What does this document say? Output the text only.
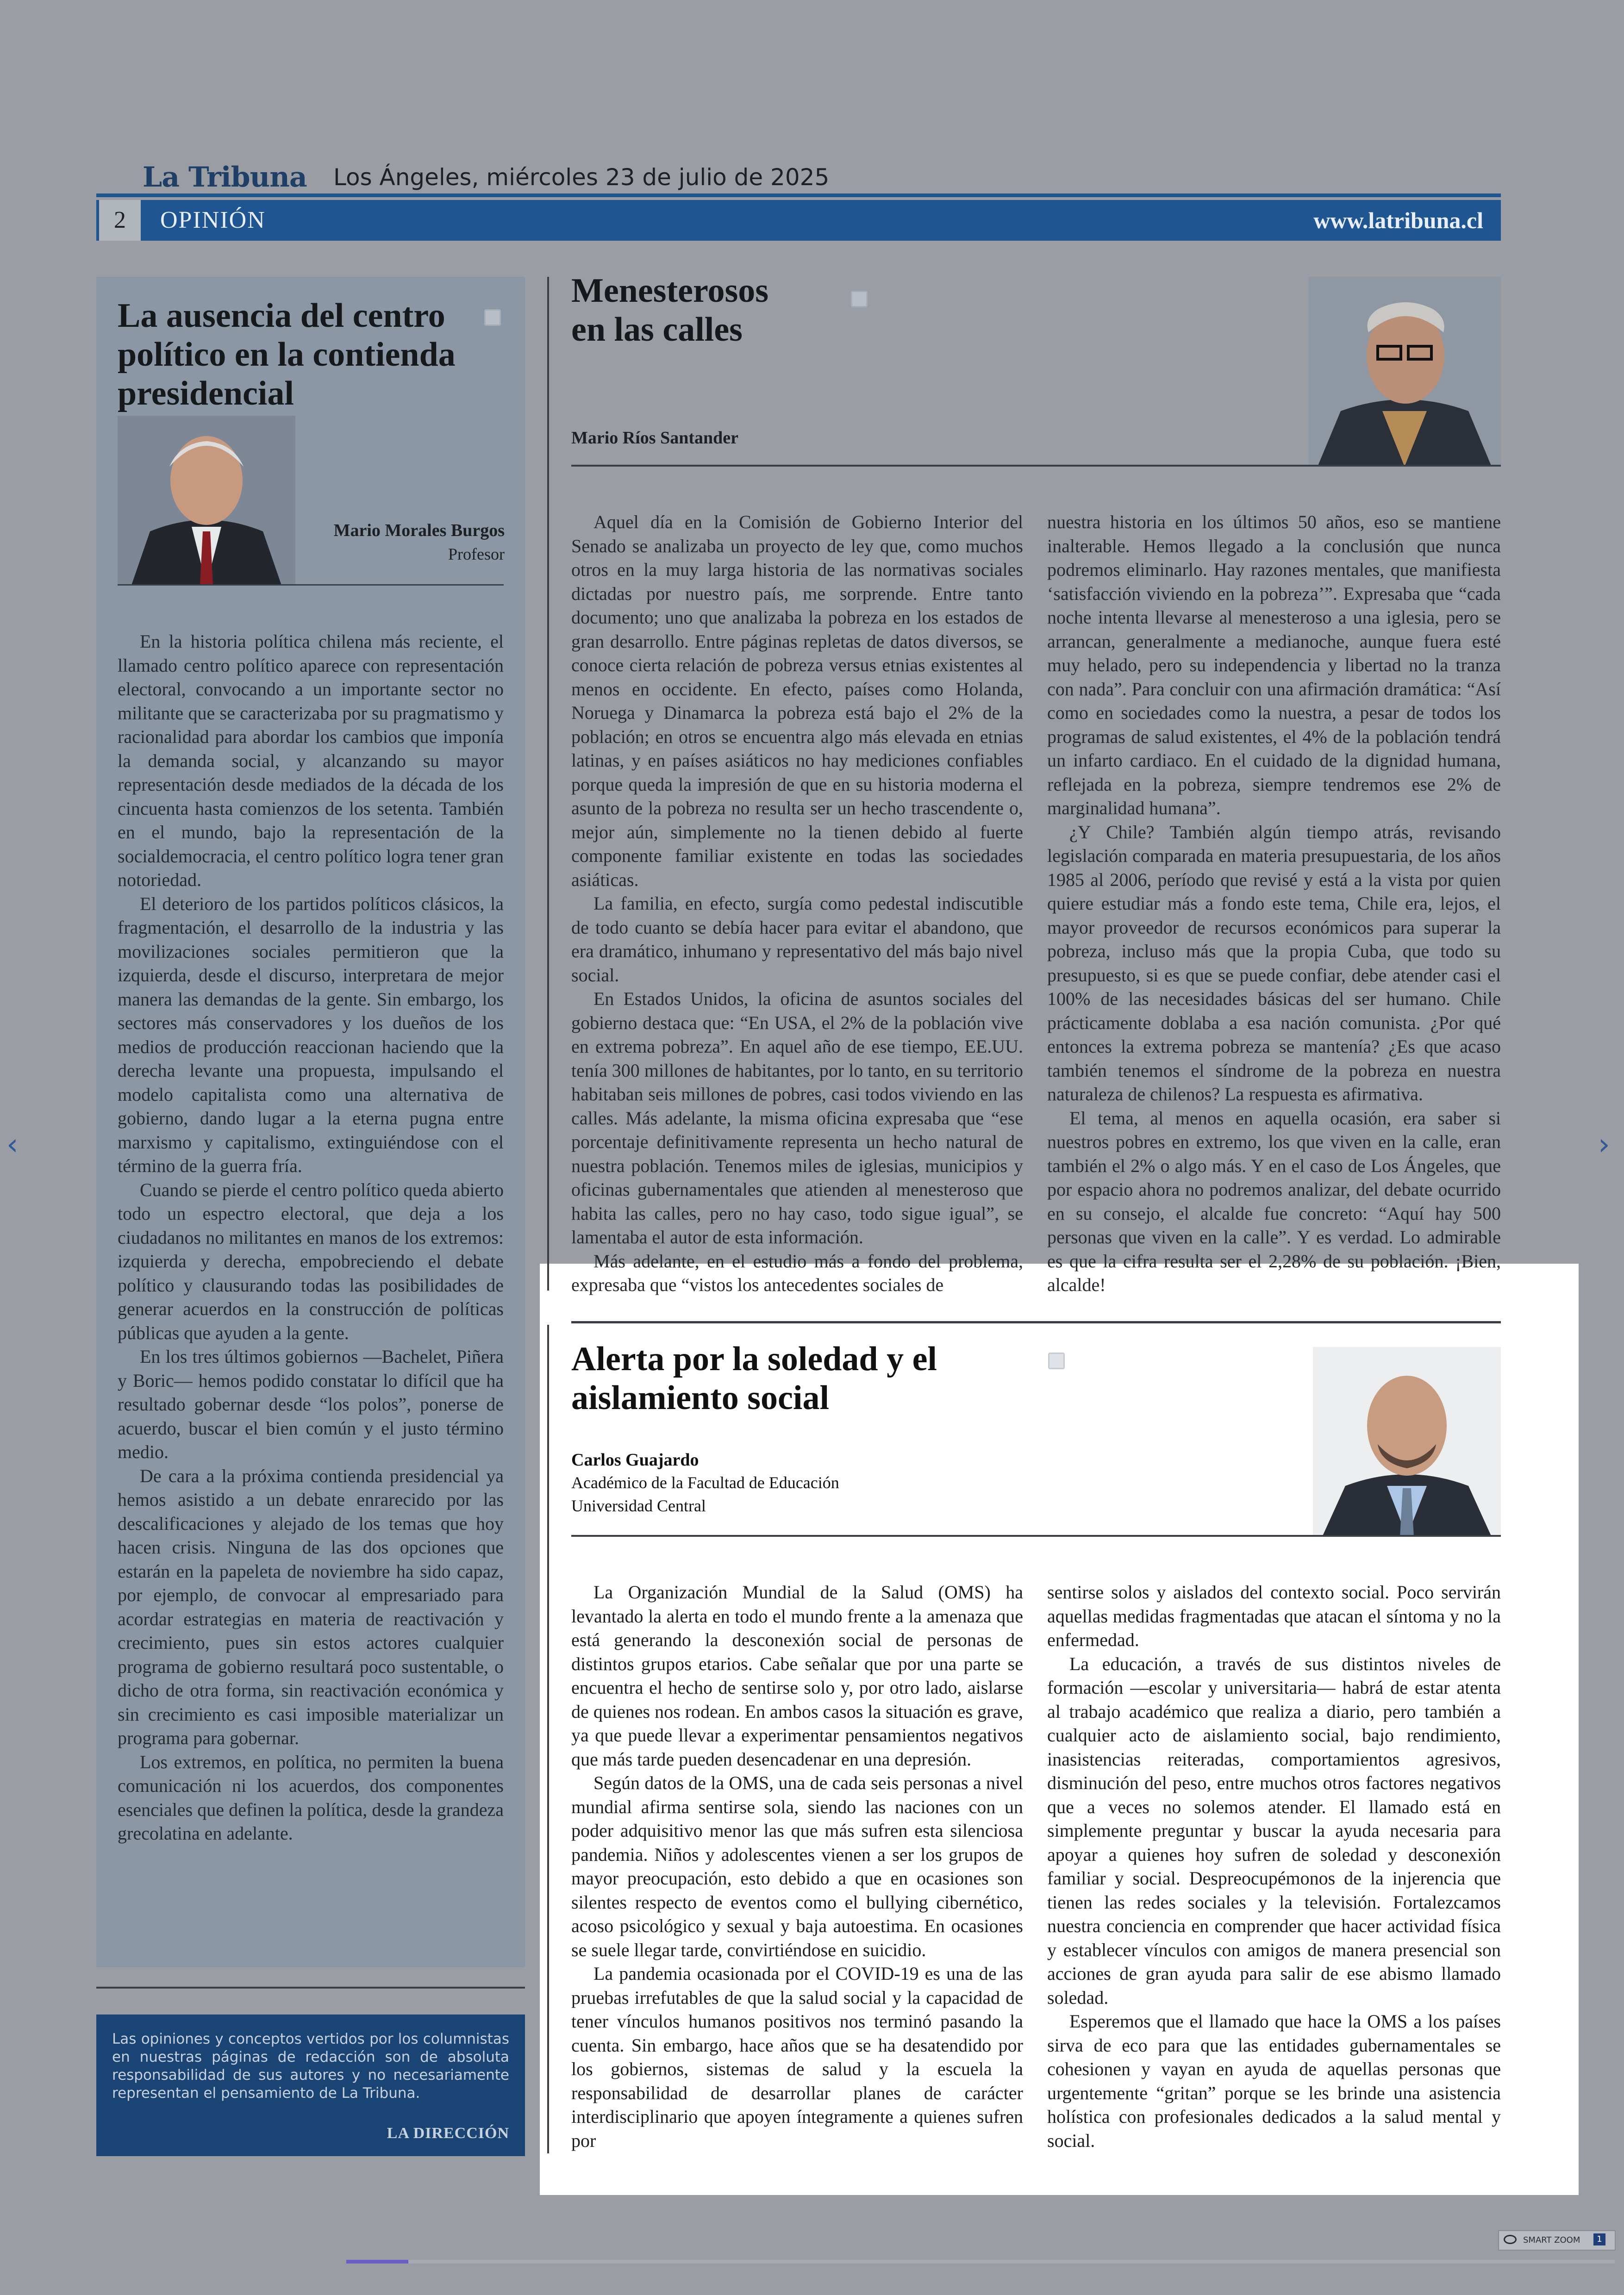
La Tribuna Los Ángeles, miércoles 23 de julio de 2025
2	OPINIÓN	www.latribuna.cl
La ausencia del centro político en la contienda presidencial
Mario Morales Burgos
Profesor

En la historia política chilena más reciente, el llamado centro político aparece con representación electoral, convocando a un importante sector no militante que se caracterizaba por su pragmatismo y racionalidad para abordar los cambios que imponía la demanda social, y alcanzando su mayor representación desde mediados de la década de los cincuenta hasta comienzos de los setenta. También en el mundo, bajo la representación de la socialdemocracia, el centro político logra tener gran notoriedad.

El deterioro de los partidos políticos clásicos, la fragmentación, el desarrollo de la industria y las movilizaciones sociales permitieron que la izquierda, desde el discurso, interpretara de mejor manera las demandas de la gente. Sin embargo, los sectores más conservadores y los dueños de los medios de producción reaccionan haciendo que la derecha levante una propuesta, impulsando el modelo capitalista como una alternativa de gobierno, dando lugar a la eterna pugna entre marxismo y capitalismo, extinguiéndose con el término de la guerra fría.

Cuando se pierde el centro político queda abierto todo un espectro electoral, que deja a los ciudadanos no militantes en manos de los extremos: izquierda y derecha, empobreciendo el debate político y clausurando todas las posibilidades de generar acuerdos en la construcción de políticas públicas que ayuden a la gente.

En los tres últimos gobiernos —Bachelet, Piñera y Boric— hemos podido constatar lo difícil que ha resultado gobernar desde “los polos”, ponerse de acuerdo, buscar el bien común y el justo término medio.

De cara a la próxima contienda presidencial ya hemos asistido a un debate enrarecido por las descalificaciones y alejado de los temas que hoy hacen crisis. Ninguna de las dos opciones que estarán en la papeleta de noviembre ha sido capaz, por ejemplo, de convocar al empresariado para acordar estrategias en materia de reactivación y crecimiento, pues sin estos actores cualquier programa de gobierno resultará poco sustentable, o dicho de otra forma, sin reactivación económica y sin crecimiento es casi imposible materializar un programa para gobernar.

Los extremos, en política, no permiten la buena comunicación ni los acuerdos, dos componentes esenciales que definen la política, desde la grandeza grecolatina en adelante.

Las opiniones y conceptos vertidos por los columnistas en nuestras páginas de redacción son de absoluta responsabilidad de sus autores y no necesariamente representan el pensamiento de La Tribuna.
LA DIRECCIÓN
Menesterosos
en las calles
Mario Ríos Santander

Aquel día en la Comisión de Gobierno Interior del Senado se analizaba un proyecto de ley que, como muchos otros en la muy larga historia de las normativas sociales dictadas por nuestro país, me sorprende. Entre tanto documento; uno que analizaba la pobreza en los estados de gran desarrollo. Entre páginas repletas de datos diversos, se conoce cierta relación de pobreza versus etnias existentes al menos en occidente. En efecto, países como Holanda, Noruega y Dinamarca la pobreza está bajo el 2% de la población; en otros se encuentra algo más elevada en etnias latinas, y en países asiáticos no hay mediciones confiables porque queda la impresión de que en su historia moderna el asunto de la pobreza no resulta ser un hecho trascendente o, mejor aún, simplemente no la tienen debido al fuerte componente familiar existente en todas las sociedades asiáticas.

La familia, en efecto, surgía como pedestal indiscutible de todo cuanto se debía hacer para evitar el abandono, que era dramático, inhumano y representativo del más bajo nivel social.

En Estados Unidos, la oficina de asuntos sociales del gobierno destaca que: “En USA, el 2% de la población vive en extrema pobreza”. En aquel año de ese tiempo, EE.UU. tenía 300 millones de habitantes, por lo tanto, en su territorio habitaban seis millones de pobres, casi todos viviendo en las calles. Más adelante, la misma oficina expresaba que “ese porcentaje definitivamente representa un hecho natural de nuestra población. Tenemos miles de iglesias, municipios y oficinas gubernamentales que atienden al menesteroso que habita las calles, pero no hay caso, todo sigue igual”, se lamentaba el autor de esta información.

Más adelante, en el estudio más a fondo del problema, expresaba que “vistos los antecedentes sociales de

nuestra historia en los últimos 50 años, eso se mantiene inalterable. Hemos llegado a la conclusión que nunca podremos eliminarlo. Hay razones mentales, que manifiesta ‘satisfacción viviendo en la pobreza’”. Expresaba que “cada noche intenta llevarse al menesteroso a una iglesia, pero se arrancan, generalmente a medianoche, aunque fuera esté muy helado, pero su independencia y libertad no la tranza con nada”. Para concluir con una afirmación dramática: “Así como en sociedades como la nuestra, a pesar de todos los programas de salud existentes, el 4% de la población tendrá un infarto cardiaco. En el cuidado de la dignidad humana, reflejada en la pobreza, siempre tendremos ese 2% de marginalidad humana”.

¿Y Chile? También algún tiempo atrás, revisando legislación comparada en materia presupuestaria, de los años 1985 al 2006, período que revisé y está a la vista por quien quiere estudiar más a fondo este tema, Chile era, lejos, el mayor proveedor de recursos económicos para superar la pobreza, incluso más que la propia Cuba, que todo su presupuesto, si es que se puede confiar, debe atender casi el 100% de las necesidades básicas del ser humano. Chile prácticamente doblaba a esa nación comunista. ¿Por qué entonces la extrema pobreza se mantenía? ¿Es que acaso también tenemos el síndrome de la pobreza en nuestra naturaleza de chilenos? La respuesta es afirmativa.

El tema, al menos en aquella ocasión, era saber si nuestros pobres en extremo, los que viven en la calle, eran también el 2% o algo más. Y en el caso de Los Ángeles, que por espacio ahora no podremos analizar, del debate ocurrido en su consejo, el alcalde fue concreto: “Aquí hay 500 personas que viven en la calle”. Y es verdad. Lo admirable es que la cifra resulta ser el 2,28% de su población. ¡Bien, alcalde!

Alerta por la soledad y el
aislamiento social
Carlos Guajardo
Académico de la Facultad de Educación
Universidad Central

La Organización Mundial de la Salud (OMS) ha levantado la alerta en todo el mundo frente a la amenaza que está generando la desconexión social de personas de distintos grupos etarios. Cabe señalar que por una parte se encuentra el hecho de sentirse solo y, por otro lado, aislarse de quienes nos rodean. En ambos casos la situación es grave, ya que puede llevar a experimentar pensamientos negativos que más tarde pueden desencadenar en una depresión.

Según datos de la OMS, una de cada seis personas a nivel mundial afirma sentirse sola, siendo las naciones con un poder adquisitivo menor las que más sufren esta silenciosa pandemia. Niños y adolescentes vienen a ser los grupos de mayor preocupación, esto debido a que en ocasiones son silentes respecto de eventos como el bullying cibernético, acoso psicológico y sexual y baja autoestima. En ocasiones se suele llegar tarde, convirtiéndose en suicidio.

La pandemia ocasionada por el COVID-19 es una de las pruebas irrefutables de que la salud social y la capacidad de tener vínculos humanos positivos nos terminó pasando la cuenta. Sin embargo, hace años que se ha desatendido por los gobiernos, sistemas de salud y la escuela la responsabilidad de desarrollar planes de carácter interdisciplinario que apoyen íntegramente a quienes sufren por

sentirse solos y aislados del contexto social. Poco servirán aquellas medidas fragmentadas que atacan el síntoma y no la enfermedad.

La educación, a través de sus distintos niveles de formación —escolar y universitaria— habrá de estar atenta al trabajo académico que realiza a diario, pero también a cualquier acto de aislamiento social, bajo rendimiento, inasistencias reiteradas, comportamientos agresivos, disminución del peso, entre muchos otros factores negativos que a veces no solemos atender. El llamado está en simplemente preguntar y buscar la ayuda necesaria para apoyar a quienes hoy sufren de soledad y desconexión familiar y social. Despreocupémonos de la injerencia que tienen las redes sociales y la televisión. Fortalezcamos nuestra conciencia en comprender que hacer actividad física y establecer vínculos con amigos de manera presencial son acciones de gran ayuda para salir de ese abismo llamado soledad.

Esperemos que el llamado que hace la OMS a los países sirva de eco para que las entidades gubernamentales se cohesionen y vayan en ayuda de aquellas personas que urgentemente “gritan” porque se les brinde una asistencia holística con profesionales dedicados a la salud mental y social.

‹	›
SMART ZOOM	1
